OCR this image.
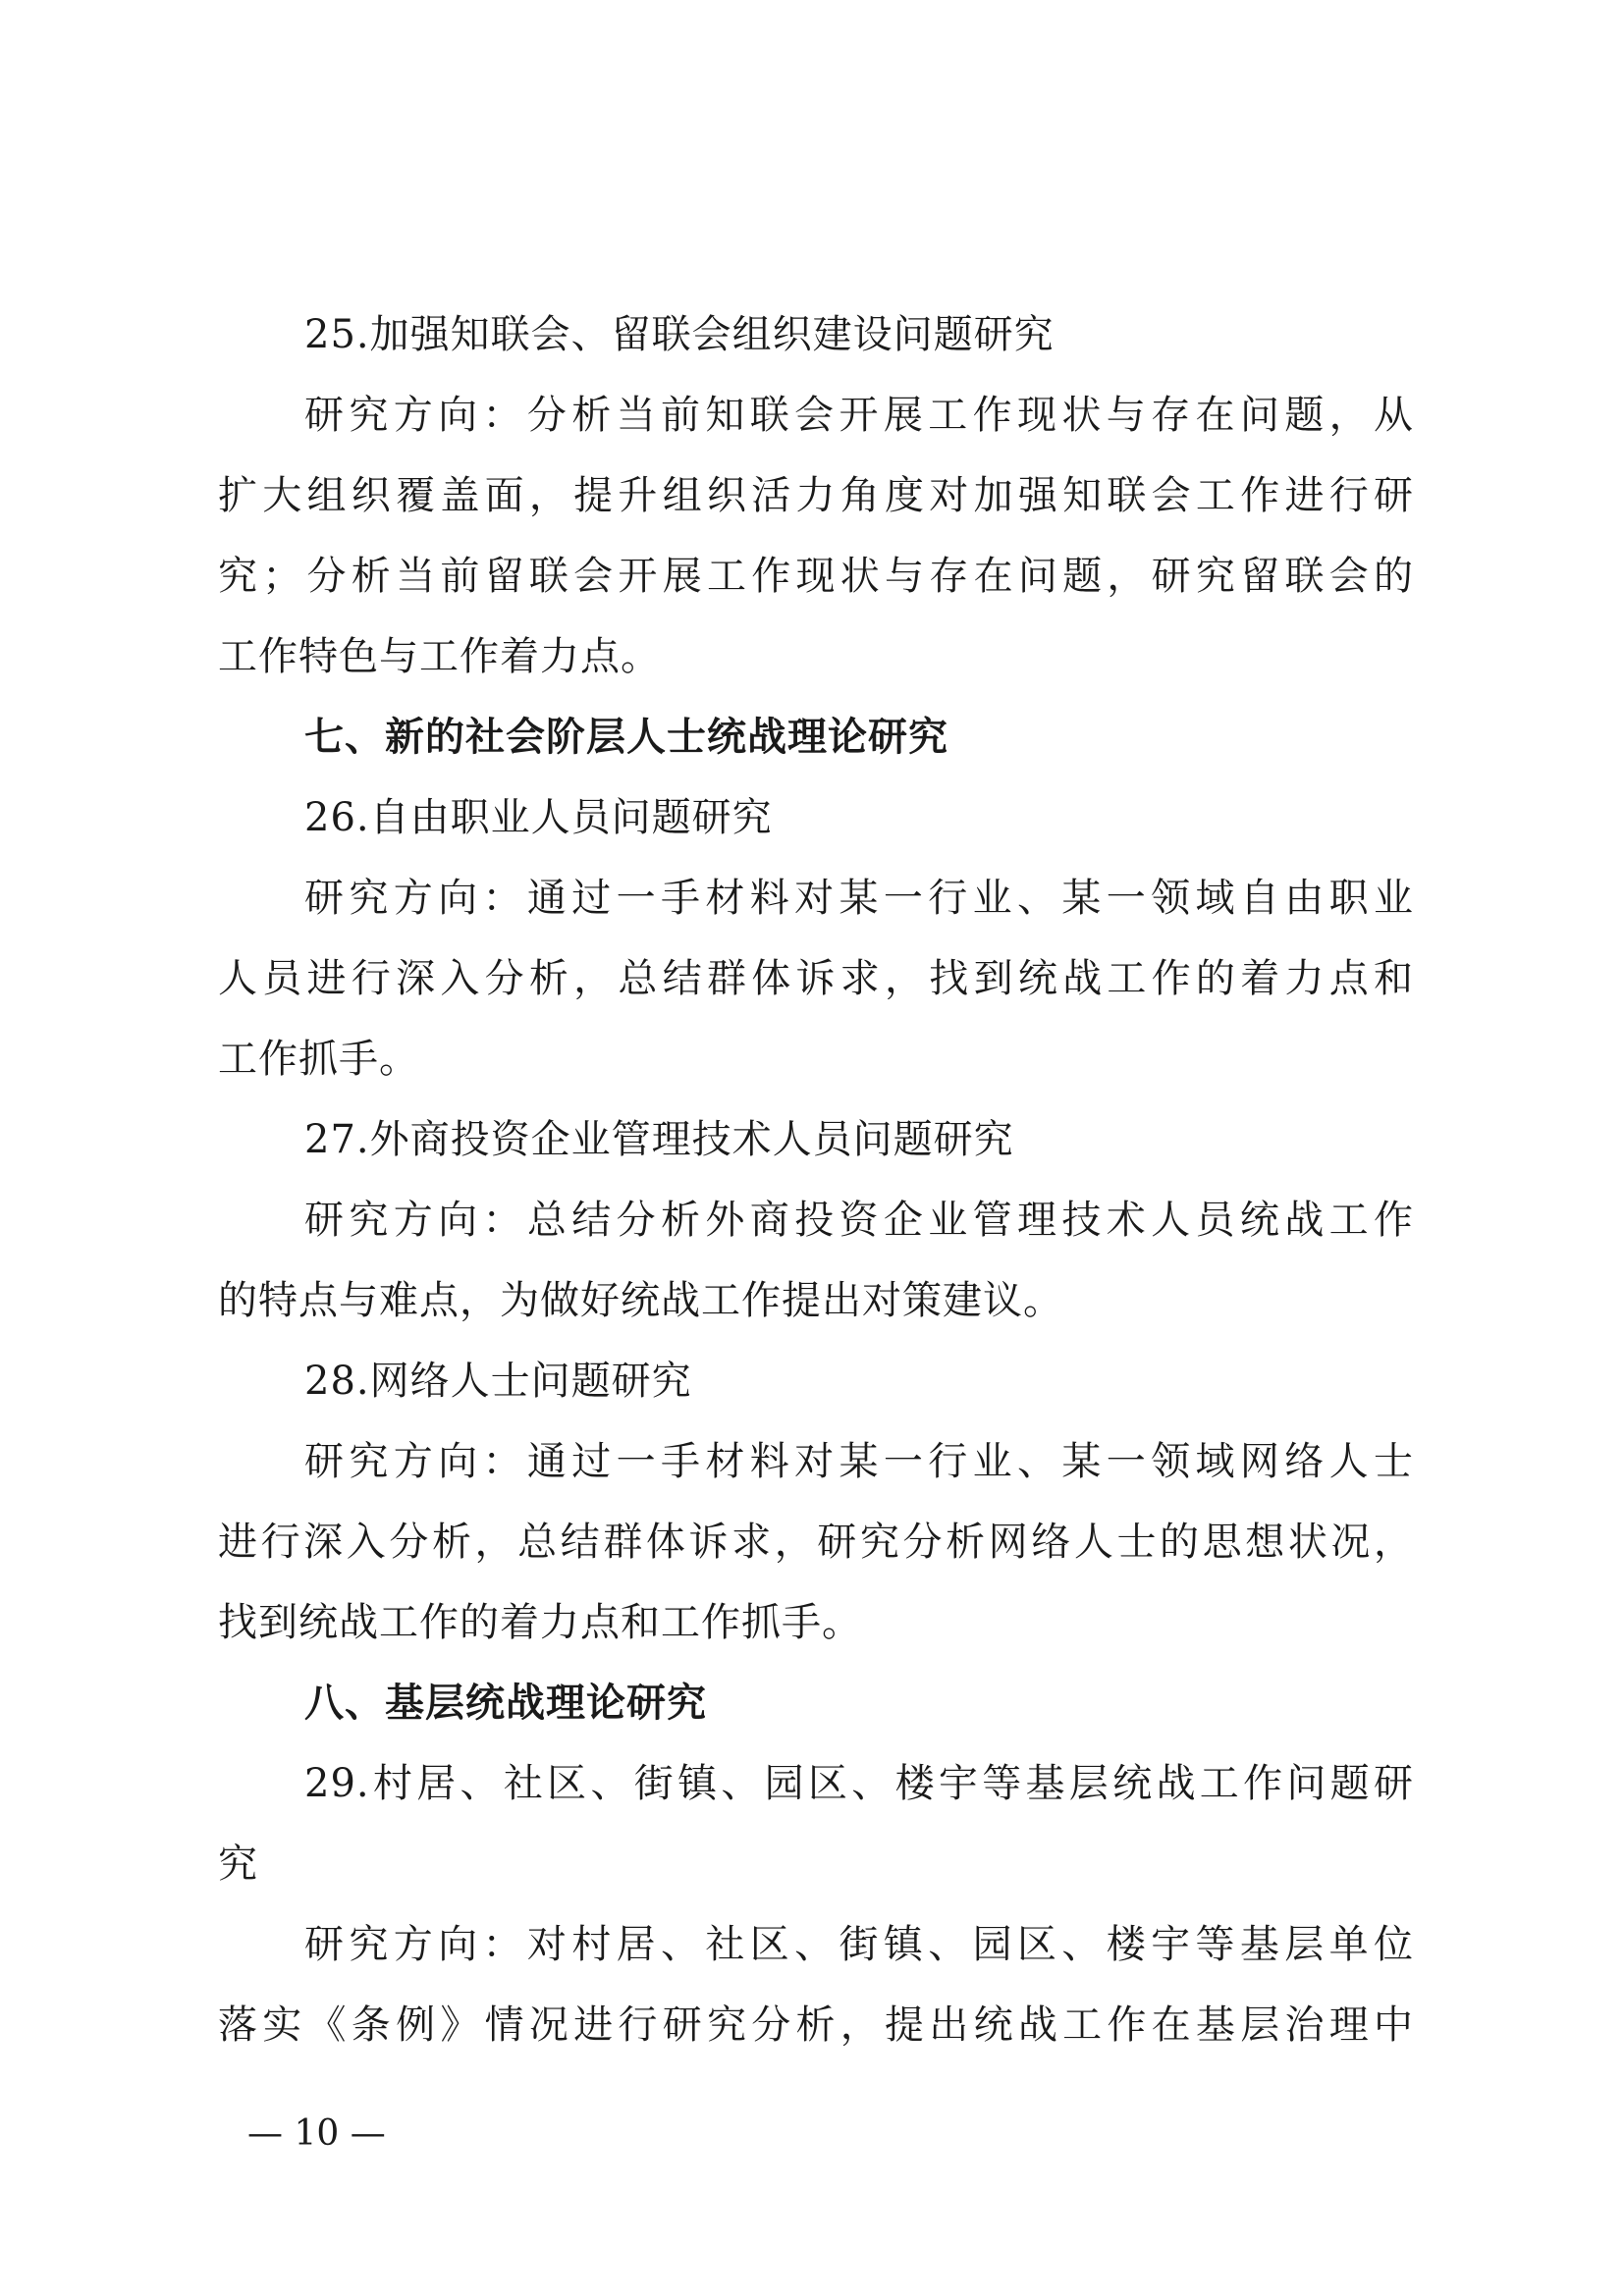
25.加强知联会、留联会组织建设问题研究
研究方向：分析当前知联会开展工作现状与存在问题，从
扩大组织覆盖面，提升组织活力角度对加强知联会工作进行研
究；分析当前留联会开展工作现状与存在问题，研究留联会的
工作特色与工作着力点。
七、新的社会阶层人士统战理论研究
26.自由职业人员问题研究
研究方向：通过一手材料对某一行业、某一领域自由职业
人员进行深入分析，总结群体诉求，找到统战工作的着力点和
工作抓手。
27.外商投资企业管理技术人员问题研究
研究方向：总结分析外商投资企业管理技术人员统战工作
的特点与难点，为做好统战工作提出对策建议。
28.网络人士问题研究
研究方向：通过一手材料对某一行业、某一领域网络人士
进行深入分析，总结群体诉求，研究分析网络人士的思想状况，
找到统战工作的着力点和工作抓手。
八、基层统战理论研究
29.村居、社区、街镇、园区、楼宇等基层统战工作问题研
究
研究方向：对村居、社区、街镇、园区、楼宇等基层单位
落实《条例》情况进行研究分析，提出统战工作在基层治理中
— 10 —
